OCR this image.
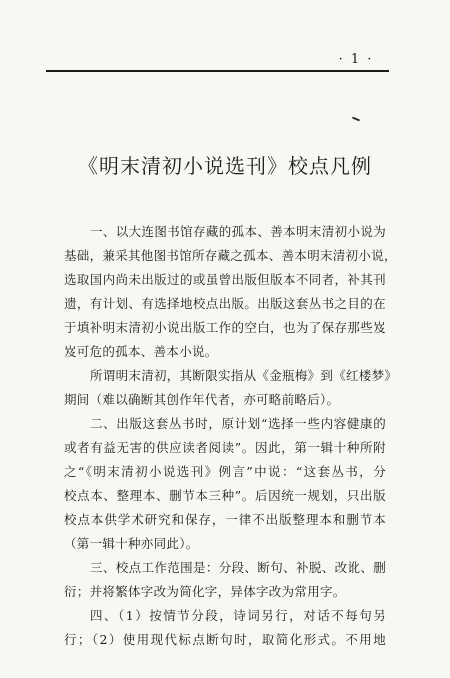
· 1 ·
《明末清初小说选刊》校点凡例
一、以大连图书馆存藏的孤本、善本明末清初小说为
基础，兼采其他图书馆所存藏之孤本、善本明末清初小说，
选取国内尚未出版过的或虽曾出版但版本不同者，补其刊
遗，有计划、有选择地校点出版。出版这套丛书之目的在
于填补明末清初小说出版工作的空白，也为了保存那些岌
岌可危的孤本、善本小说。
所谓明末清初，其断限实指从《金瓶梅》到《红楼梦》
期间（难以确断其创作年代者，亦可略前略后）。
二、出版这套丛书时，原计划“选择一些内容健康的
或者有益无害的供应读者阅读”。因此，第一辑十种所附
之“《明末清初小说选刊》例言”中说：“这套丛书，分
校点本、整理本、删节本三种”。后因统一规划，只出版
校点本供学术研究和保存，一律不出版整理本和删节本
（第一辑十种亦同此）。
三、校点工作范围是：分段、断句、补脱、改讹、删
衍；并将繁体字改为简化字，异体字改为常用字。
四、（1）按情节分段，诗词另行，对话不每句另
行；（2）使用现代标点断句时，取简化形式。不用地
